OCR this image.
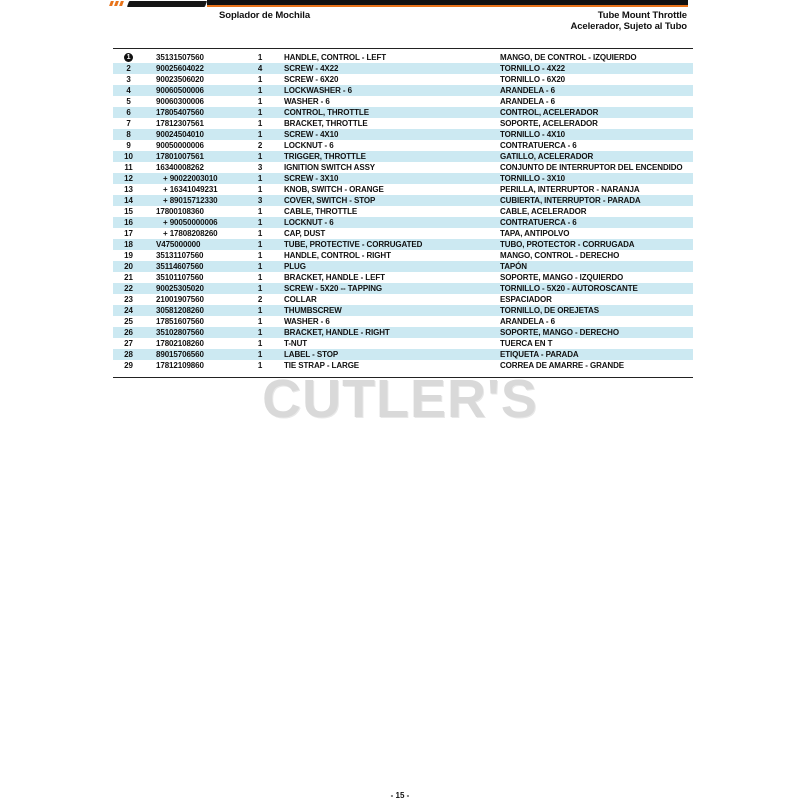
Soplador de Mochila	Tube Mount Throttle
Acelerador, Sujeto al Tubo
1	35131507560	1	HANDLE, CONTROL - LEFT	MANGO, DE CONTROL - IZQUIERDO
2	90025604022	4	SCREW - 4X22	TORNILLO - 4X22
3	90023506020	1	SCREW - 6X20	TORNILLO - 6X20
4	90060500006	1	LOCKWASHER - 6	ARANDELA - 6
5	90060300006	1	WASHER - 6	ARANDELA - 6
6	17805407560	1	CONTROL, THROTTLE	CONTROL, ACELERADOR
7	17812307561	1	BRACKET, THROTTLE	SOPORTE, ACELERADOR
8	90024504010	1	SCREW - 4X10	TORNILLO - 4X10
9	90050000006	2	LOCKNUT - 6	CONTRATUERCA - 6
10	17801007561	1	TRIGGER, THROTTLE	GATILLO, ACELERADOR
11	16340008262	3	IGNITION SWITCH ASSY	CONJUNTO DE INTERRUPTOR DEL ENCENDIDO
12	+ 90022003010	1	SCREW - 3X10	TORNILLO - 3X10
13	+ 16341049231	1	KNOB, SWITCH - ORANGE	PERILLA, INTERRUPTOR - NARANJA
14	+ 89015712330	3	COVER, SWITCH - STOP	CUBIERTA, INTERRUPTOR - PARADA
15	17800108360	1	CABLE, THROTTLE	CABLE, ACELERADOR
16	+ 90050000006	1	LOCKNUT - 6	CONTRATUERCA - 6
17	+ 17808208260	1	CAP, DUST	TAPA, ANTIPOLVO
18	V475000000	1	TUBE, PROTECTIVE - CORRUGATED	TUBO, PROTECTOR - CORRUGADA
19	35131107560	1	HANDLE, CONTROL - RIGHT	MANGO, CONTROL - DERECHO
20	35114607560	1	PLUG	TAPÓN
21	35101107560	1	BRACKET, HANDLE - LEFT	SOPORTE, MANGO - IZQUIERDO
22	90025305020	1	SCREW - 5X20 -- TAPPING	TORNILLO - 5X20 - AUTOROSCANTE
23	21001907560	2	COLLAR	ESPACIADOR
24	30581208260	1	THUMBSCREW	TORNILLO, DE OREJETAS
25	17851607560	1	WASHER - 6	ARANDELA - 6
26	35102807560	1	BRACKET, HANDLE - RIGHT	SOPORTE, MANGO - DERECHO
27	17802108260	1	T-NUT	TUERCA EN T
28	89015706560	1	LABEL - STOP	ETIQUETA - PARADA
29	17812109860	1	TIE STRAP - LARGE	CORREA DE AMARRE - GRANDE
CUTLER'S
- 15 -
